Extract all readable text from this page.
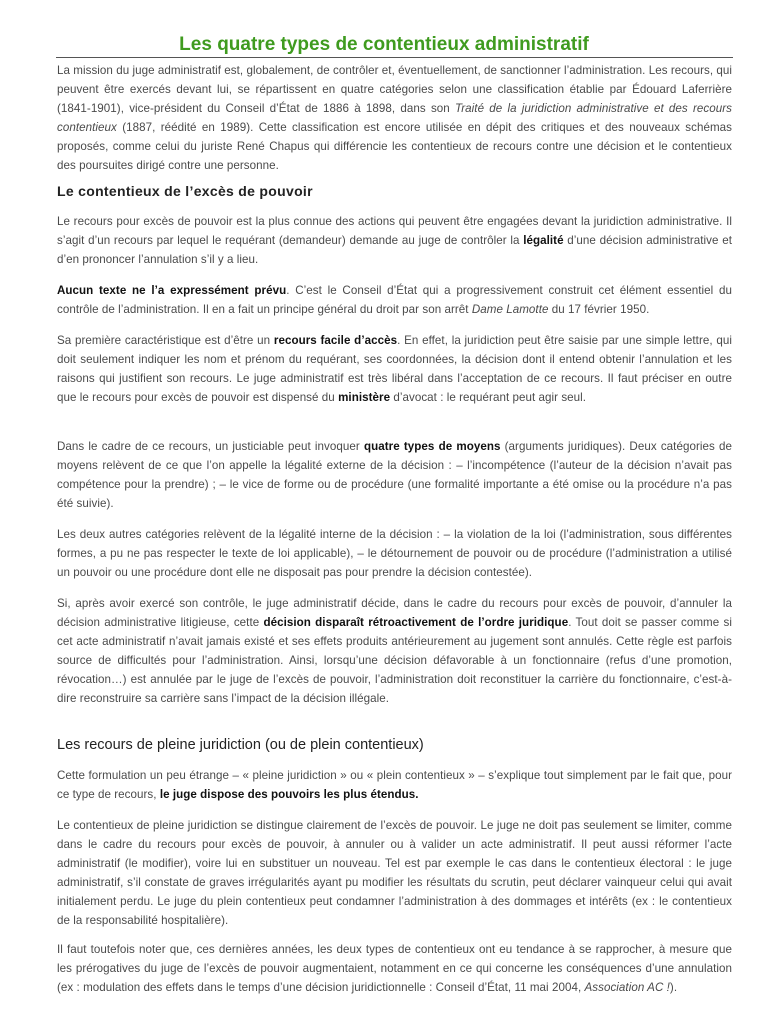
Les quatre types de contentieux administratif

La mission du juge administratif est, globalement, de contrôler et, éventuellement, de sanctionner l’administration. Les recours, qui peuvent être exercés devant lui, se répartissent en quatre catégories selon une classification établie par Édouard Laferrière (1841-1901), vice-président du Conseil d’État de 1886 à 1898, dans son Traité de la juridiction administrative et des recours contentieux (1887, réédité en 1989). Cette classification est encore utilisée en dépit des critiques et des nouveaux schémas proposés, comme celui du juriste René Chapus qui différencie les contentieux de recours contre une décision et le contentieux des poursuites dirigé contre une personne.

Le contentieux de l’excès de pouvoir

Le recours pour excès de pouvoir est la plus connue des actions qui peuvent être engagées devant la juridiction administrative. Il s’agit d’un recours par lequel le requérant (demandeur) demande au juge de contrôler la légalité d’une décision administrative et d’en prononcer l’annulation s’il y a lieu.

Aucun texte ne l’a expressément prévu. C’est le Conseil d’État qui a progressivement construit cet élément essentiel du contrôle de l’administration. Il en a fait un principe général du droit par son arrêt Dame Lamotte du 17 février 1950.

Sa première caractéristique est d’être un recours facile d’accès. En effet, la juridiction peut être saisie par une simple lettre, qui doit seulement indiquer les nom et prénom du requérant, ses coordonnées, la décision dont il entend obtenir l’annulation et les raisons qui justifient son recours. Le juge administratif est très libéral dans l’acceptation de ce recours. Il faut préciser en outre que le recours pour excès de pouvoir est dispensé du ministère d’avocat : le requérant peut agir seul.

Dans le cadre de ce recours, un justiciable peut invoquer quatre types de moyens (arguments juridiques). Deux catégories de moyens relèvent de ce que l’on appelle la légalité externe de la décision : – l’incompétence (l’auteur de la décision n’avait pas compétence pour la prendre) ; – le vice de forme ou de procédure (une formalité importante a été omise ou la procédure n’a pas été suivie).

Les deux autres catégories relèvent de la légalité interne de la décision : – la violation de la loi (l’administration, sous différentes formes, a pu ne pas respecter le texte de loi applicable), – le détournement de pouvoir ou de procédure (l’administration a utilisé un pouvoir ou une procédure dont elle ne disposait pas pour prendre la décision contestée).

Si, après avoir exercé son contrôle, le juge administratif décide, dans le cadre du recours pour excès de pouvoir, d’annuler la décision administrative litigieuse, cette décision disparaît rétroactivement de l’ordre juridique. Tout doit se passer comme si cet acte administratif n’avait jamais existé et ses effets produits antérieurement au jugement sont annulés. Cette règle est parfois source de difficultés pour l’administration. Ainsi, lorsqu’une décision défavorable à un fonctionnaire (refus d’une promotion, révocation…) est annulée par le juge de l’excès de pouvoir, l’administration doit reconstituer la carrière du fonctionnaire, c’est-à-dire reconstruire sa carrière sans l’impact de la décision illégale.

Les recours de pleine juridiction (ou de plein contentieux)

Cette formulation un peu étrange – « pleine juridiction » ou « plein contentieux » – s’explique tout simplement par le fait que, pour ce type de recours, le juge dispose des pouvoirs les plus étendus.

Le contentieux de pleine juridiction se distingue clairement de l’excès de pouvoir. Le juge ne doit pas seulement se limiter, comme dans le cadre du recours pour excès de pouvoir, à annuler ou à valider un acte administratif. Il peut aussi réformer l’acte administratif (le modifier), voire lui en substituer un nouveau. Tel est par exemple le cas dans le contentieux électoral : le juge administratif, s’il constate de graves irrégularités ayant pu modifier les résultats du scrutin, peut déclarer vainqueur celui qui avait initialement perdu. Le juge du plein contentieux peut condamner l’administration à des dommages et intérêts (ex : le contentieux de la responsabilité hospitalière).

Il faut toutefois noter que, ces dernières années, les deux types de contentieux ont eu tendance à se rapprocher, à mesure que les prérogatives du juge de l’excès de pouvoir augmentaient, notamment en ce qui concerne les conséquences d’une annulation (ex : modulation des effets dans le temps d’une décision juridictionnelle : Conseil d’État, 11 mai 2004, Association AC !).
